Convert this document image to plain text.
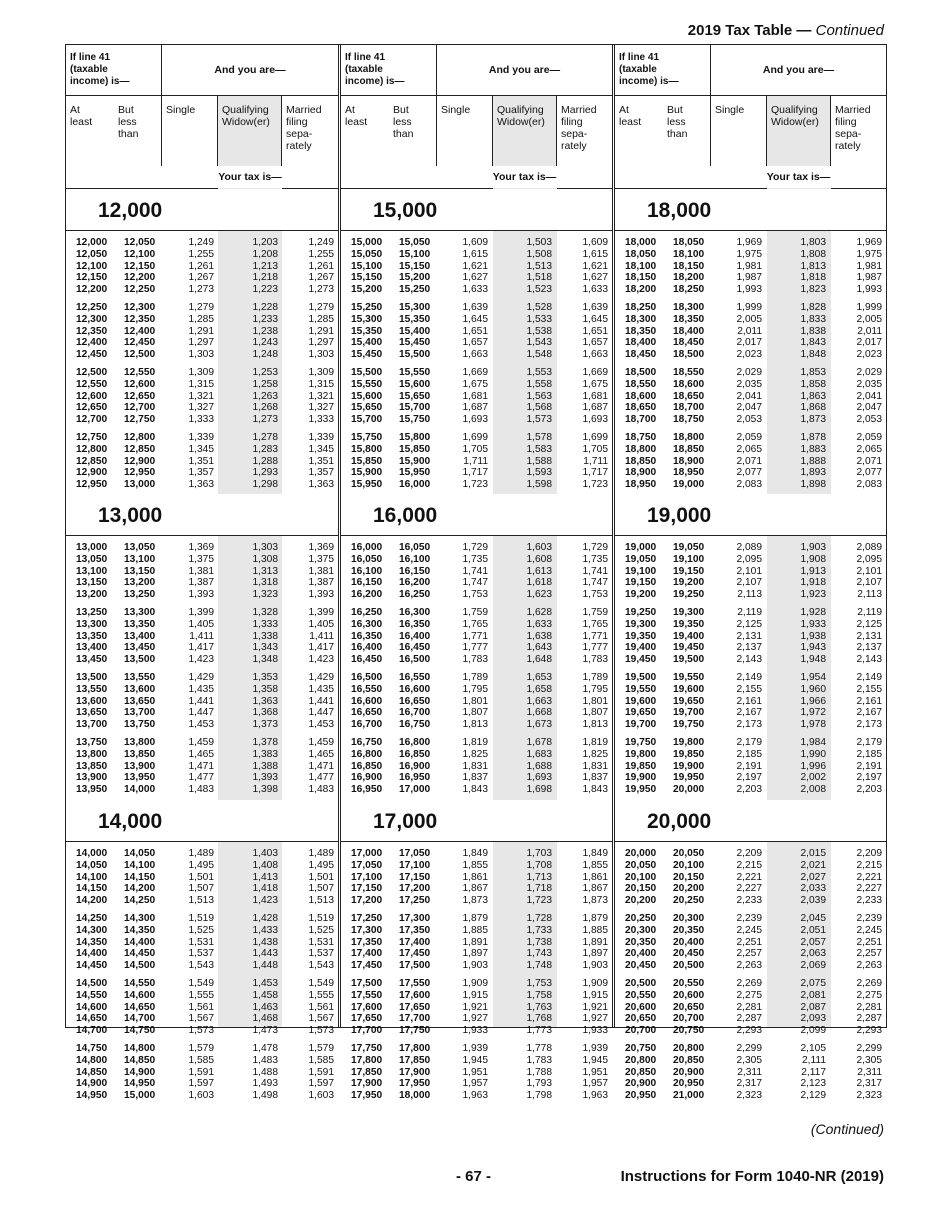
2019 Tax Table — Continued
If line 41
(taxable
income) is—
And you are—
At
least
But
less
than
Single	Qualifying
Widow(er)
Married
filing
sepa-
rately
Your tax is—
12,000
12,000 12,050	1,249	1,203	1,249
12,050 12,100	1,255	1,208	1,255
12,100 12,150	1,261	1,213	1,261
12,150 12,200	1,267	1,218	1,267
12,200 12,250	1,273	1,223	1,273
12,250 12,300	1,279	1,228	1,279
12,300 12,350	1,285	1,233	1,285
12,350 12,400	1,291	1,238	1,291
12,400 12,450	1,297	1,243	1,297
12,450 12,500	1,303	1,248	1,303
12,500 12,550	1,309	1,253	1,309
12,550 12,600	1,315	1,258	1,315
12,600 12,650	1,321	1,263	1,321
12,650 12,700	1,327	1,268	1,327
12,700 12,750	1,333	1,273	1,333
12,750 12,800	1,339	1,278	1,339
12,800 12,850	1,345	1,283	1,345
12,850 12,900	1,351	1,288	1,351
12,900 12,950	1,357	1,293	1,357
12,950 13,000	1,363	1,298	1,363
13,000
13,000 13,050	1,369	1,303	1,369
13,050 13,100	1,375	1,308	1,375
13,100 13,150	1,381	1,313	1,381
13,150 13,200	1,387	1,318	1,387
13,200 13,250	1,393	1,323	1,393
13,250 13,300	1,399	1,328	1,399
13,300 13,350	1,405	1,333	1,405
13,350 13,400	1,411	1,338	1,411
13,400 13,450	1,417	1,343	1,417
13,450 13,500	1,423	1,348	1,423
13,500 13,550	1,429	1,353	1,429
13,550 13,600	1,435	1,358	1,435
13,600 13,650	1,441	1,363	1,441
13,650 13,700	1,447	1,368	1,447
13,700 13,750	1,453	1,373	1,453
13,750 13,800	1,459	1,378	1,459
13,800 13,850	1,465	1,383	1,465
13,850 13,900	1,471	1,388	1,471
13,900 13,950	1,477	1,393	1,477
13,950 14,000	1,483	1,398	1,483
14,000
14,000 14,050	1,489	1,403	1,489
14,050 14,100	1,495	1,408	1,495
14,100 14,150	1,501	1,413	1,501
14,150 14,200	1,507	1,418	1,507
14,200 14,250	1,513	1,423	1,513
14,250 14,300	1,519	1,428	1,519
14,300 14,350	1,525	1,433	1,525
14,350 14,400	1,531	1,438	1,531
14,400 14,450	1,537	1,443	1,537
14,450 14,500	1,543	1,448	1,543
14,500 14,550	1,549	1,453	1,549
14,550 14,600	1,555	1,458	1,555
14,600 14,650	1,561	1,463	1,561
14,650 14,700	1,567	1,468	1,567
14,700 14,750	1,573	1,473	1,573
14,750 14,800	1,579	1,478	1,579
14,800 14,850	1,585	1,483	1,585
14,850 14,900	1,591	1,488	1,591
14,900 14,950	1,597	1,493	1,597
14,950 15,000	1,603	1,498	1,603
If line 41
(taxable
income) is—
And you are—
At
least
But
less
than
Single	Qualifying
Widow(er)
Married
filing
sepa-
rately
Your tax is—
15,000
15,000 15,050	1,609	1,503	1,609
15,050 15,100	1,615	1,508	1,615
15,100 15,150	1,621	1,513	1,621
15,150 15,200	1,627	1,518	1,627
15,200 15,250	1,633	1,523	1,633
15,250 15,300	1,639	1,528	1,639
15,300 15,350	1,645	1,533	1,645
15,350 15,400	1,651	1,538	1,651
15,400 15,450	1,657	1,543	1,657
15,450 15,500	1,663	1,548	1,663
15,500 15,550	1,669	1,553	1,669
15,550 15,600	1,675	1,558	1,675
15,600 15,650	1,681	1,563	1,681
15,650 15,700	1,687	1,568	1,687
15,700 15,750	1,693	1,573	1,693
15,750 15,800	1,699	1,578	1,699
15,800 15,850	1,705	1,583	1,705
15,850 15,900	1,711	1,588	1,711
15,900 15,950	1,717	1,593	1,717
15,950 16,000	1,723	1,598	1,723
16,000
16,000 16,050	1,729	1,603	1,729
16,050 16,100	1,735	1,608	1,735
16,100 16,150	1,741	1,613	1,741
16,150 16,200	1,747	1,618	1,747
16,200 16,250	1,753	1,623	1,753
16,250 16,300	1,759	1,628	1,759
16,300 16,350	1,765	1,633	1,765
16,350 16,400	1,771	1,638	1,771
16,400 16,450	1,777	1,643	1,777
16,450 16,500	1,783	1,648	1,783
16,500 16,550	1,789	1,653	1,789
16,550 16,600	1,795	1,658	1,795
16,600 16,650	1,801	1,663	1,801
16,650 16,700	1,807	1,668	1,807
16,700 16,750	1,813	1,673	1,813
16,750 16,800	1,819	1,678	1,819
16,800 16,850	1,825	1,683	1,825
16,850 16,900	1,831	1,688	1,831
16,900 16,950	1,837	1,693	1,837
16,950 17,000	1,843	1,698	1,843
17,000
17,000 17,050	1,849	1,703	1,849
17,050 17,100	1,855	1,708	1,855
17,100 17,150	1,861	1,713	1,861
17,150 17,200	1,867	1,718	1,867
17,200 17,250	1,873	1,723	1,873
17,250 17,300	1,879	1,728	1,879
17,300 17,350	1,885	1,733	1,885
17,350 17,400	1,891	1,738	1,891
17,400 17,450	1,897	1,743	1,897
17,450 17,500	1,903	1,748	1,903
17,500 17,550	1,909	1,753	1,909
17,550 17,600	1,915	1,758	1,915
17,600 17,650	1,921	1,763	1,921
17,650 17,700	1,927	1,768	1,927
17,700 17,750	1,933	1,773	1,933
17,750 17,800	1,939	1,778	1,939
17,800 17,850	1,945	1,783	1,945
17,850 17,900	1,951	1,788	1,951
17,900 17,950	1,957	1,793	1,957
17,950 18,000	1,963	1,798	1,963
If line 41
(taxable
income) is—
And you are—
At
least
But
less
than
Single	Qualifying
Widow(er)
Married
filing
sepa-
rately
Your tax is—
18,000
18,000 18,050	1,969	1,803	1,969
18,050 18,100	1,975	1,808	1,975
18,100 18,150	1,981	1,813	1,981
18,150 18,200	1,987	1,818	1,987
18,200 18,250	1,993	1,823	1,993
18,250 18,300	1,999	1,828	1,999
18,300 18,350	2,005	1,833	2,005
18,350 18,400	2,011	1,838	2,011
18,400 18,450	2,017	1,843	2,017
18,450 18,500	2,023	1,848	2,023
18,500 18,550	2,029	1,853	2,029
18,550 18,600	2,035	1,858	2,035
18,600 18,650	2,041	1,863	2,041
18,650 18,700	2,047	1,868	2,047
18,700 18,750	2,053	1,873	2,053
18,750 18,800	2,059	1,878	2,059
18,800 18,850	2,065	1,883	2,065
18,850 18,900	2,071	1,888	2,071
18,900 18,950	2,077	1,893	2,077
18,950 19,000	2,083	1,898	2,083
19,000
19,000 19,050	2,089	1,903	2,089
19,050 19,100	2,095	1,908	2,095
19,100 19,150	2,101	1,913	2,101
19,150 19,200	2,107	1,918	2,107
19,200 19,250	2,113	1,923	2,113
19,250 19,300	2,119	1,928	2,119
19,300 19,350	2,125	1,933	2,125
19,350 19,400	2,131	1,938	2,131
19,400 19,450	2,137	1,943	2,137
19,450 19,500	2,143	1,948	2,143
19,500 19,550	2,149	1,954	2,149
19,550 19,600	2,155	1,960	2,155
19,600 19,650	2,161	1,966	2,161
19,650 19,700	2,167	1,972	2,167
19,700 19,750	2,173	1,978	2,173
19,750 19,800	2,179	1,984	2,179
19,800 19,850	2,185	1,990	2,185
19,850 19,900	2,191	1,996	2,191
19,900 19,950	2,197	2,002	2,197
19,950 20,000	2,203	2,008	2,203
20,000
20,000 20,050	2,209	2,015	2,209
20,050 20,100	2,215	2,021	2,215
20,100 20,150	2,221	2,027	2,221
20,150 20,200	2,227	2,033	2,227
20,200 20,250	2,233	2,039	2,233
20,250 20,300	2,239	2,045	2,239
20,300 20,350	2,245	2,051	2,245
20,350 20,400	2,251	2,057	2,251
20,400 20,450	2,257	2,063	2,257
20,450 20,500	2,263	2,069	2,263
20,500 20,550	2,269	2,075	2,269
20,550 20,600	2,275	2,081	2,275
20,600 20,650	2,281	2,087	2,281
20,650 20,700	2,287	2,093	2,287
20,700 20,750	2,293	2,099	2,293
20,750 20,800	2,299	2,105	2,299
20,800 20,850	2,305	2,111	2,305
20,850 20,900	2,311	2,117	2,311
20,900 20,950	2,317	2,123	2,317
20,950 21,000	2,323	2,129	2,323
(Continued)
- 67 -	Instructions for Form 1040-NR (2019)
